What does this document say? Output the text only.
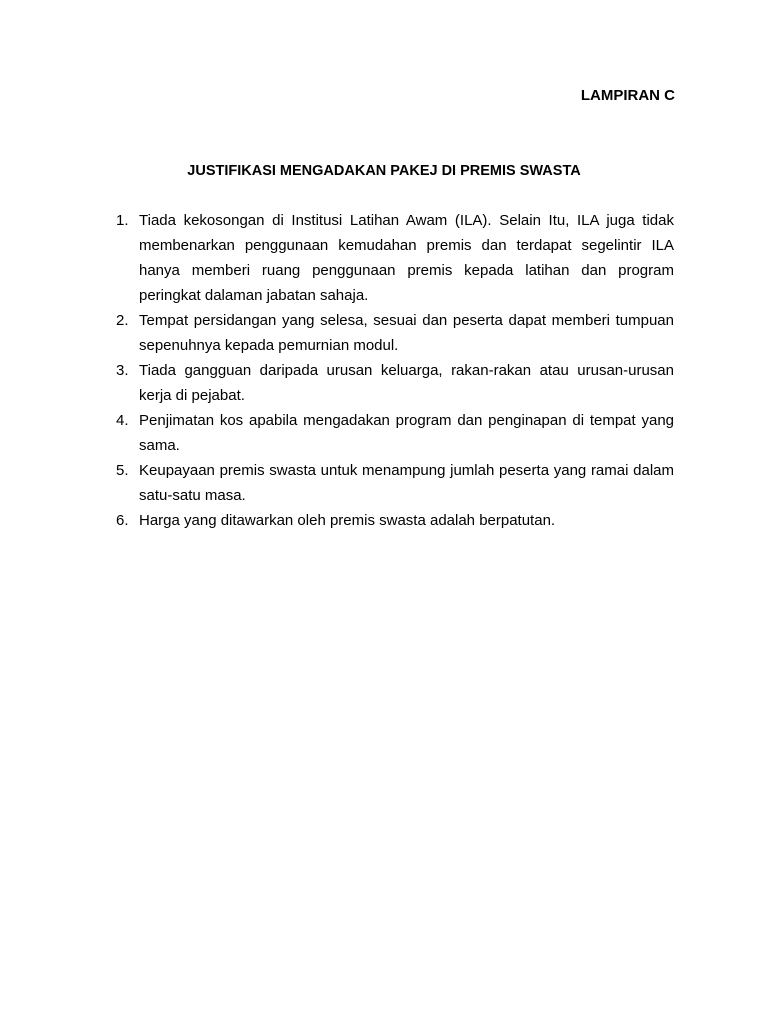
LAMPIRAN C

JUSTIFIKASI MENGADAKAN PAKEJ DI PREMIS SWASTA
1. Tiada kekosongan di Institusi Latihan Awam (ILA). Selain Itu, ILA juga tidak membenarkan penggunaan kemudahan premis dan terdapat segelintir ILA hanya memberi ruang penggunaan premis kepada latihan dan program peringkat dalaman jabatan sahaja.
2. Tempat persidangan yang selesa, sesuai dan peserta dapat memberi tumpuan sepenuhnya kepada pemurnian modul.
3. Tiada gangguan daripada urusan keluarga, rakan-rakan atau urusan-urusan kerja di pejabat.
4. Penjimatan kos apabila mengadakan program dan penginapan di tempat yang sama.
5. Keupayaan premis swasta untuk menampung jumlah peserta yang ramai dalam satu-satu masa.
6. Harga yang ditawarkan oleh premis swasta adalah berpatutan.
